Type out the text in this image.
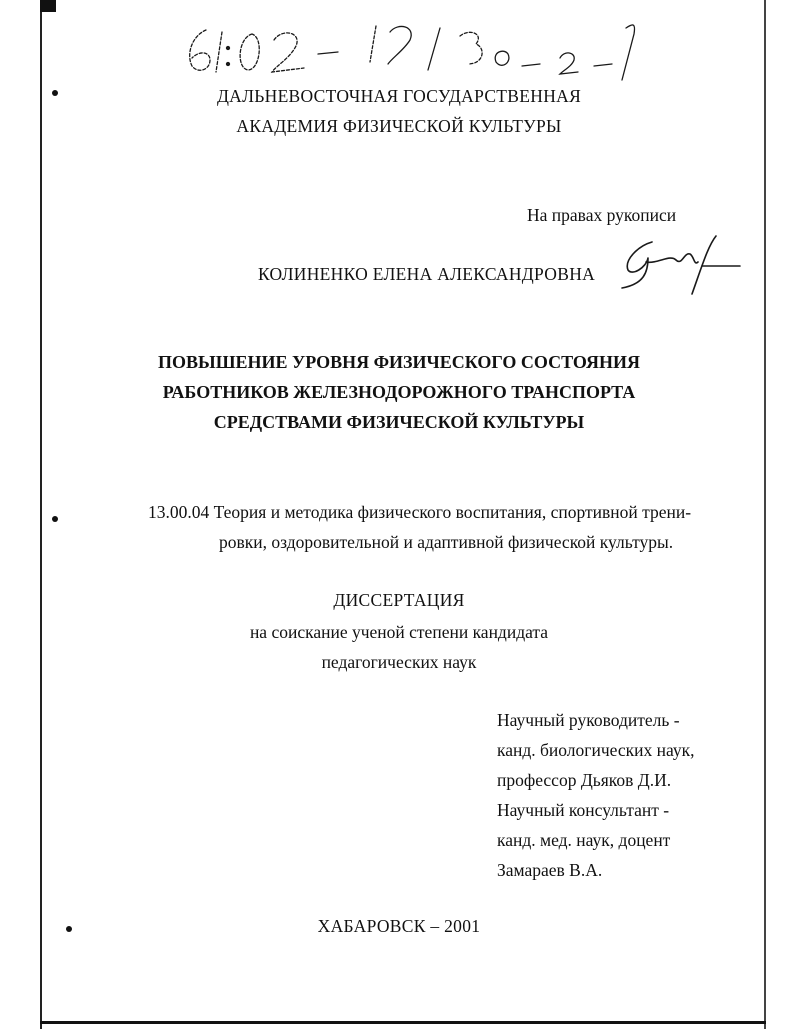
ДАЛЬНЕВОСТОЧНАЯ ГОСУДАРСТВЕННАЯ
АКАДЕМИЯ ФИЗИЧЕСКОЙ КУЛЬТУРЫ
На правах рукописи
КОЛИНЕНКО ЕЛЕНА АЛЕКСАНДРОВНА
ПОВЫШЕНИЕ УРОВНЯ ФИЗИЧЕСКОГО СОСТОЯНИЯ
РАБОТНИКОВ ЖЕЛЕЗНОДОРОЖНОГО ТРАНСПОРТА
СРЕДСТВАМИ ФИЗИЧЕСКОЙ КУЛЬТУРЫ
13.00.04 Теория и методика физического воспитания, спортивной трени-
ровки, оздоровительной и адаптивной физической культуры.
ДИССЕРТАЦИЯ
на соискание ученой степени кандидата
педагогических наук
Научный руководитель -
канд. биологических наук,
профессор Дьяков Д.И.
Научный консультант -
канд. мед. наук, доцент
Замараев В.А.
ХАБАРОВСК – 2001
